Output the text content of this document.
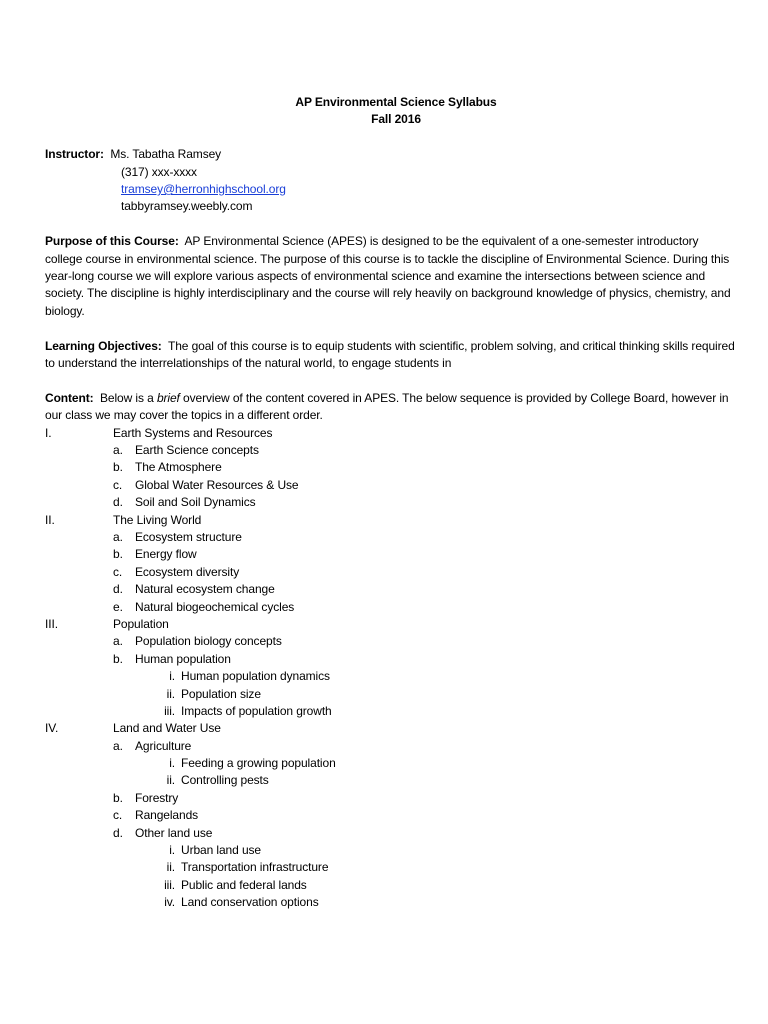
AP Environmental Science Syllabus

Fall 2016

Instructor: Ms. Tabatha Ramsey

(317) xxx-xxxx

tramsey@herronhighschool.org

tabbyramsey.weebly.com

Purpose of this Course: AP Environmental Science (APES) is designed to be the equivalent of a one-semester introductory college course in environmental science. The purpose of this course is to tackle the discipline of Environmental Science. During this year-long course we will explore various aspects of environmental science and examine the intersections between science and society. The discipline is highly interdisciplinary and the course will rely heavily on background knowledge of physics, chemistry, and biology.

Learning Objectives: The goal of this course is to equip students with scientific, problem solving, and critical thinking skills required to understand the interrelationships of the natural world, to engage students in

Content: Below is a brief overview of the content covered in APES. The below sequence is provided by College Board, however in our class we may cover the topics in a different order.

I.	Earth Systems and Resources
a. Earth Science concepts
b. The Atmosphere
c. Global Water Resources & Use
d. Soil and Soil Dynamics
II.	The Living World
a. Ecosystem structure
b. Energy flow
c. Ecosystem diversity
d. Natural ecosystem change
e. Natural biogeochemical cycles
III.	Population
a. Population biology concepts
b. Human population
i. Human population dynamics
ii. Population size
iii. Impacts of population growth
IV.	Land and Water Use
a. Agriculture
i. Feeding a growing population
ii. Controlling pests
b. Forestry
c. Rangelands
d. Other land use
i. Urban land use
ii. Transportation infrastructure
iii. Public and federal lands
iv. Land conservation options
